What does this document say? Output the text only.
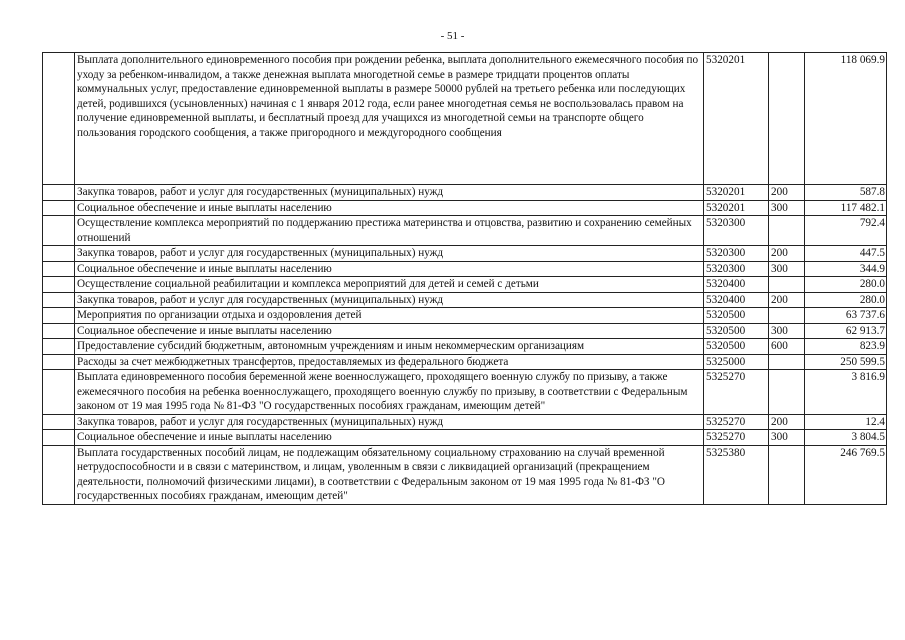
- 51 -
	Выплата дополнительного единовременного пособия при рождении ребенка, выплата дополнительного ежемесячного пособия по уходу за ребенком-инвалидом, а также денежная выплата многодетной семье в размере тридцати процентов оплаты коммунальных услуг, предоставление единовременной выплаты в размере 50000 рублей на третьего ребенка или последующих детей, родившихся (усыновленных) начиная с 1 января 2012 года, если ранее многодетная семья не воспользовалась правом на получение единовременной выплаты, и бесплатный проезд для учащихся из многодетной семьи на транспорте общего пользования городского сообщения, а также пригородного и междугородного сообщения	5320201		118 069.9
	Закупка товаров, работ и услуг для государственных (муниципальных) нужд	5320201	200	587.8
	Социальное обеспечение и иные выплаты населению	5320201	300	117 482.1
	Осуществление комплекса мероприятий по поддержанию престижа материнства и отцовства, развитию и сохранению семейных отношений	5320300		792.4
	Закупка товаров, работ и услуг для государственных (муниципальных) нужд	5320300	200	447.5
	Социальное обеспечение и иные выплаты населению	5320300	300	344.9
	Осуществление социальной реабилитации и комплекса мероприятий для детей и семей с детьми	5320400		280.0
	Закупка товаров, работ и услуг для государственных (муниципальных) нужд	5320400	200	280.0
	Мероприятия по организации отдыха и оздоровления детей	5320500		63 737.6
	Социальное обеспечение и иные выплаты населению	5320500	300	62 913.7
	Предоставление субсидий бюджетным, автономным учреждениям и иным некоммерческим организациям	5320500	600	823.9
	Расходы за счет межбюджетных трансфертов, предоставляемых из федерального бюджета	5325000		250 599.5
	Выплата единовременного пособия беременной жене военнослужащего, проходящего военную службу по призыву, а также ежемесячного пособия на ребенка военнослужащего, проходящего военную службу по призыву, в соответствии с Федеральным законом от 19 мая 1995 года № 81-ФЗ "О государственных пособиях гражданам, имеющим детей"	5325270		3 816.9
	Закупка товаров, работ и услуг для государственных (муниципальных) нужд	5325270	200	12.4
	Социальное обеспечение и иные выплаты населению	5325270	300	3 804.5
	Выплата государственных пособий лицам, не подлежащим обязательному социальному страхованию на случай временной нетрудоспособности и в связи с материнством, и лицам, уволенным в связи с ликвидацией организаций (прекращением деятельности, полномочий физическими лицами), в соответствии с Федеральным законом от 19 мая 1995 года № 81-ФЗ "О государственных пособиях гражданам, имеющим детей"	5325380		246 769.5
